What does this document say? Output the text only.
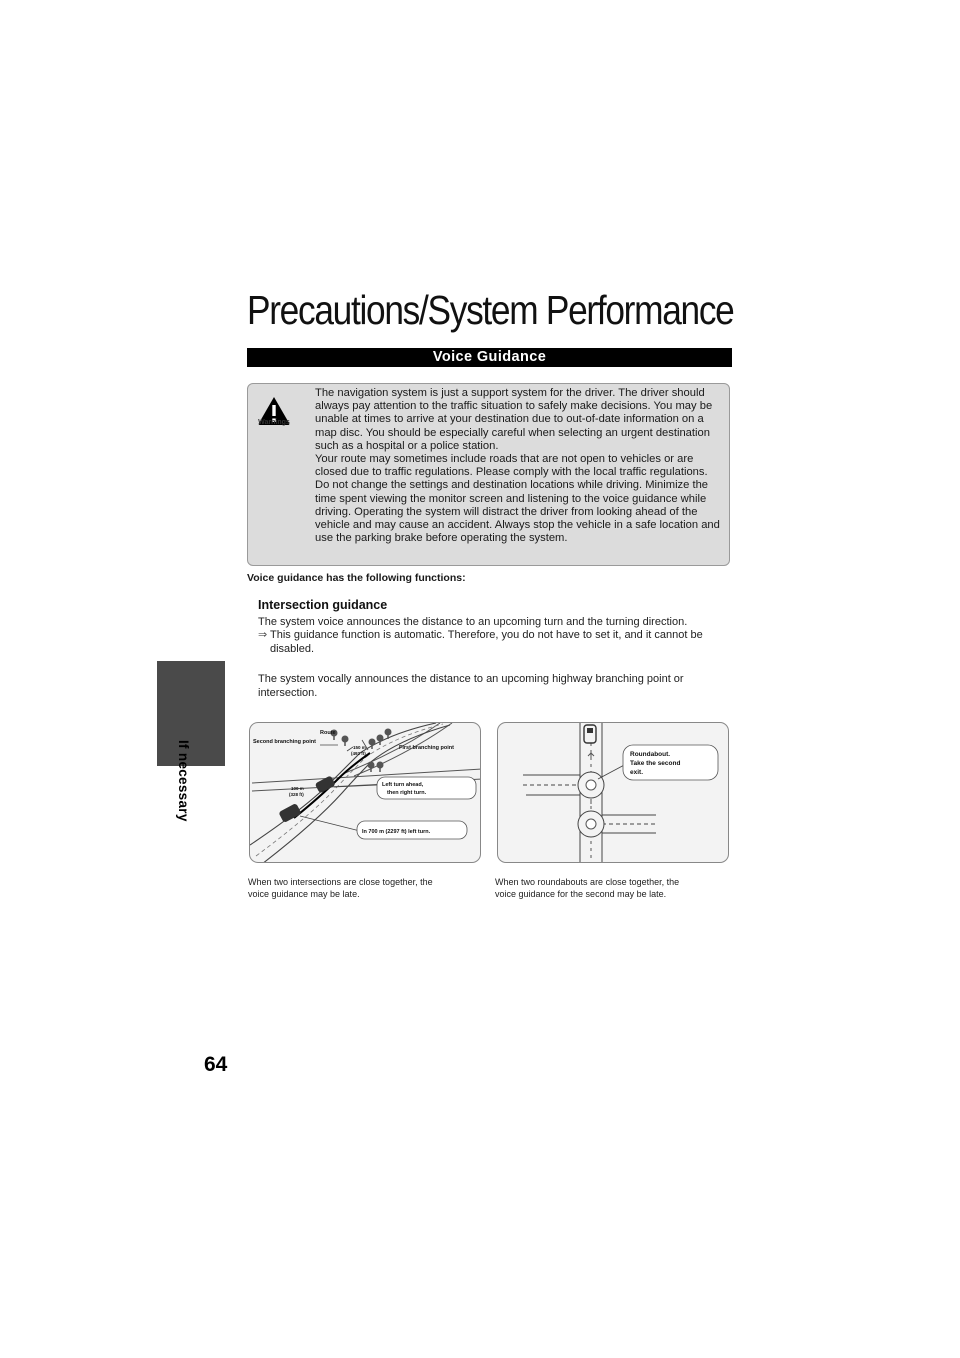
If necessary
64
Precautions/System Performance
Voice Guidance
Warnings

The navigation system is just a support system for the driver. The driver should always pay attention to the traffic situation to safely make decisions. You may be unable at times to arrive at your destination due to out-of-date information on a map disc. You should be especially careful when selecting an urgent destination such as a hospital or a police station.

Your route may sometimes include roads that are not open to vehicles or are closed due to traffic regulations. Please comply with the local traffic regulations.

Do not change the settings and destination locations while driving. Minimize the time spent viewing the monitor screen and listening to the voice guidance while driving. Operating the system will distract the driver from looking ahead of the vehicle and may cause an accident. Always stop the vehicle in a safe location and use the parking brake before operating the system.

Voice guidance has the following functions:
Intersection guidance

The system voice announces the distance to an upcoming turn and the turning direction.

⇒ This guidance function is automatic. Therefore, you do not have to set it, and it cannot be disabled.

The system vocally announces the distance to an upcoming highway branching point or intersection.

Route
Second branching point
First branching point
150 m
(492 ft)
100 m
(328 ft)
Left turn ahead,
then right turn.
In 700 m (2297 ft) left turn.
When two intersections are close together, the
voice guidance may be late.
Roundabout.
Take the second
exit.
When two roundabouts are close together, the
voice guidance for the second may be late.
